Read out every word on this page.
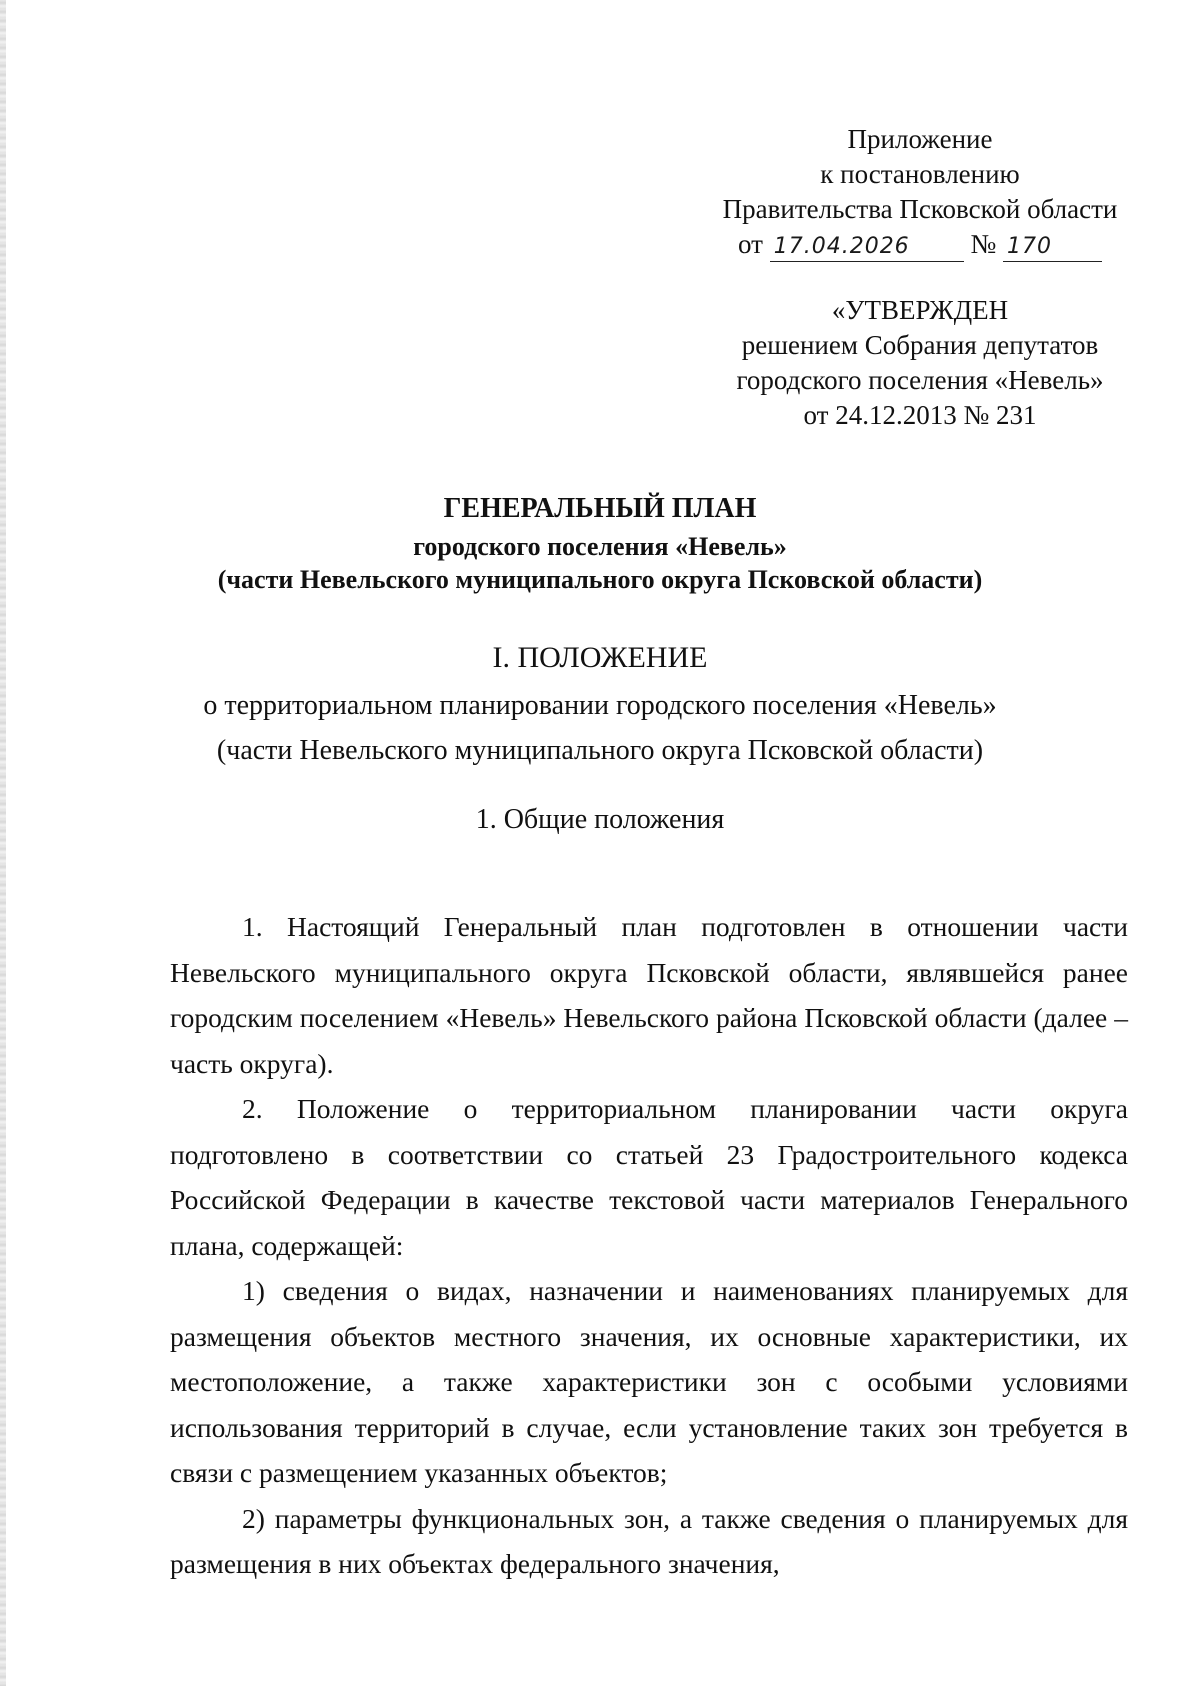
Приложение
к постановлению
Правительства Псковской области
от 17.04.2026 № 170
«УТВЕРЖДЕН
решением Собрания депутатов
городского поселения «Невель»
от 24.12.2013 № 231
ГЕНЕРАЛЬНЫЙ ПЛАН
городского поселения «Невель»
(части Невельского муниципального округа Псковской области)
I. ПОЛОЖЕНИЕ
о территориальном планировании городского поселения «Невель»
(части Невельского муниципального округа Псковской области)
1. Общие положения

1. Настоящий Генеральный план подготовлен в отношении части Невельского муниципального округа Псковской области, являвшейся ранее городским поселением «Невель» Невельского района Псковской области (далее – часть округа).

2. Положение о территориальном планировании части округа подготовлено в соответствии со статьей 23 Градостроительного кодекса Российской Федерации в качестве текстовой части материалов Генерального плана, содержащей:

1) сведения о видах, назначении и наименованиях планируемых для размещения объектов местного значения, их основные характеристики, их местоположение, а также характеристики зон с особыми условиями использования территорий в случае, если установление таких зон требуется в связи с размещением указанных объектов;

2) параметры функциональных зон, а также сведения о планируемых для размещения в них объектах федерального значения,
